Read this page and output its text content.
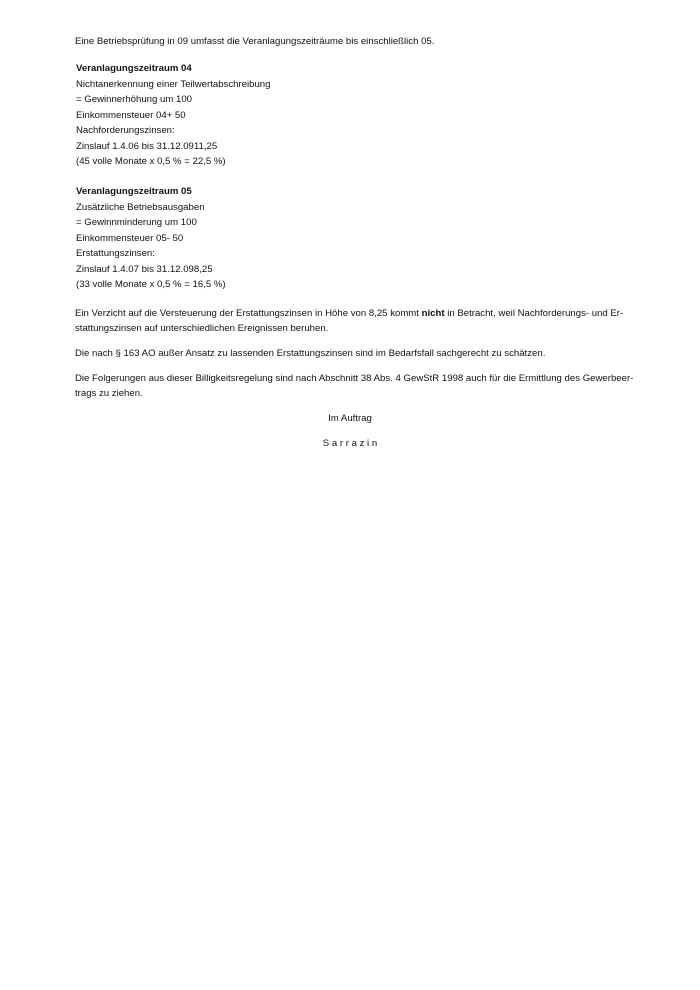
Eine Betriebsprüfung in 09 umfasst die Veranlagungszeiträume bis einschließlich 05.
Veranlagungszeitraum 04
Nichtanerkennung einer Teilwertabschreibung
= Gewinnerhöhung um 100
Einkommensteuer 04+ 50
Nachforderungszinsen:
Zinslauf 1.4.06 bis 31.12.0911,25
(45 volle Monate x 0,5 % = 22,5 %)
Veranlagungszeitraum 05
Zusätzliche Betriebsausgaben
= Gewinnminderung um 100
Einkommensteuer 05- 50
Erstattungszinsen:
Zinslauf 1.4.07 bis 31.12.098,25
(33 volle Monate x 0,5 % = 16,5 %)
Ein Verzicht auf die Versteuerung der Erstattungszinsen in Höhe von 8,25 kommt nicht in Betracht, weil Nachforderungs- und Er-
stattungszinsen auf unterschiedlichen Ereignissen beruhen.
Die nach § 163 AO außer Ansatz zu lassenden Erstattungszinsen sind im Bedarfsfall sachgerecht zu schätzen.
Die Folgerungen aus dieser Billigkeitsregelung sind nach Abschnitt 38 Abs. 4 GewStR 1998 auch für die Ermittlung des Gewerbeer-
trags zu ziehen.
Im Auftrag
S a r r a z i n
